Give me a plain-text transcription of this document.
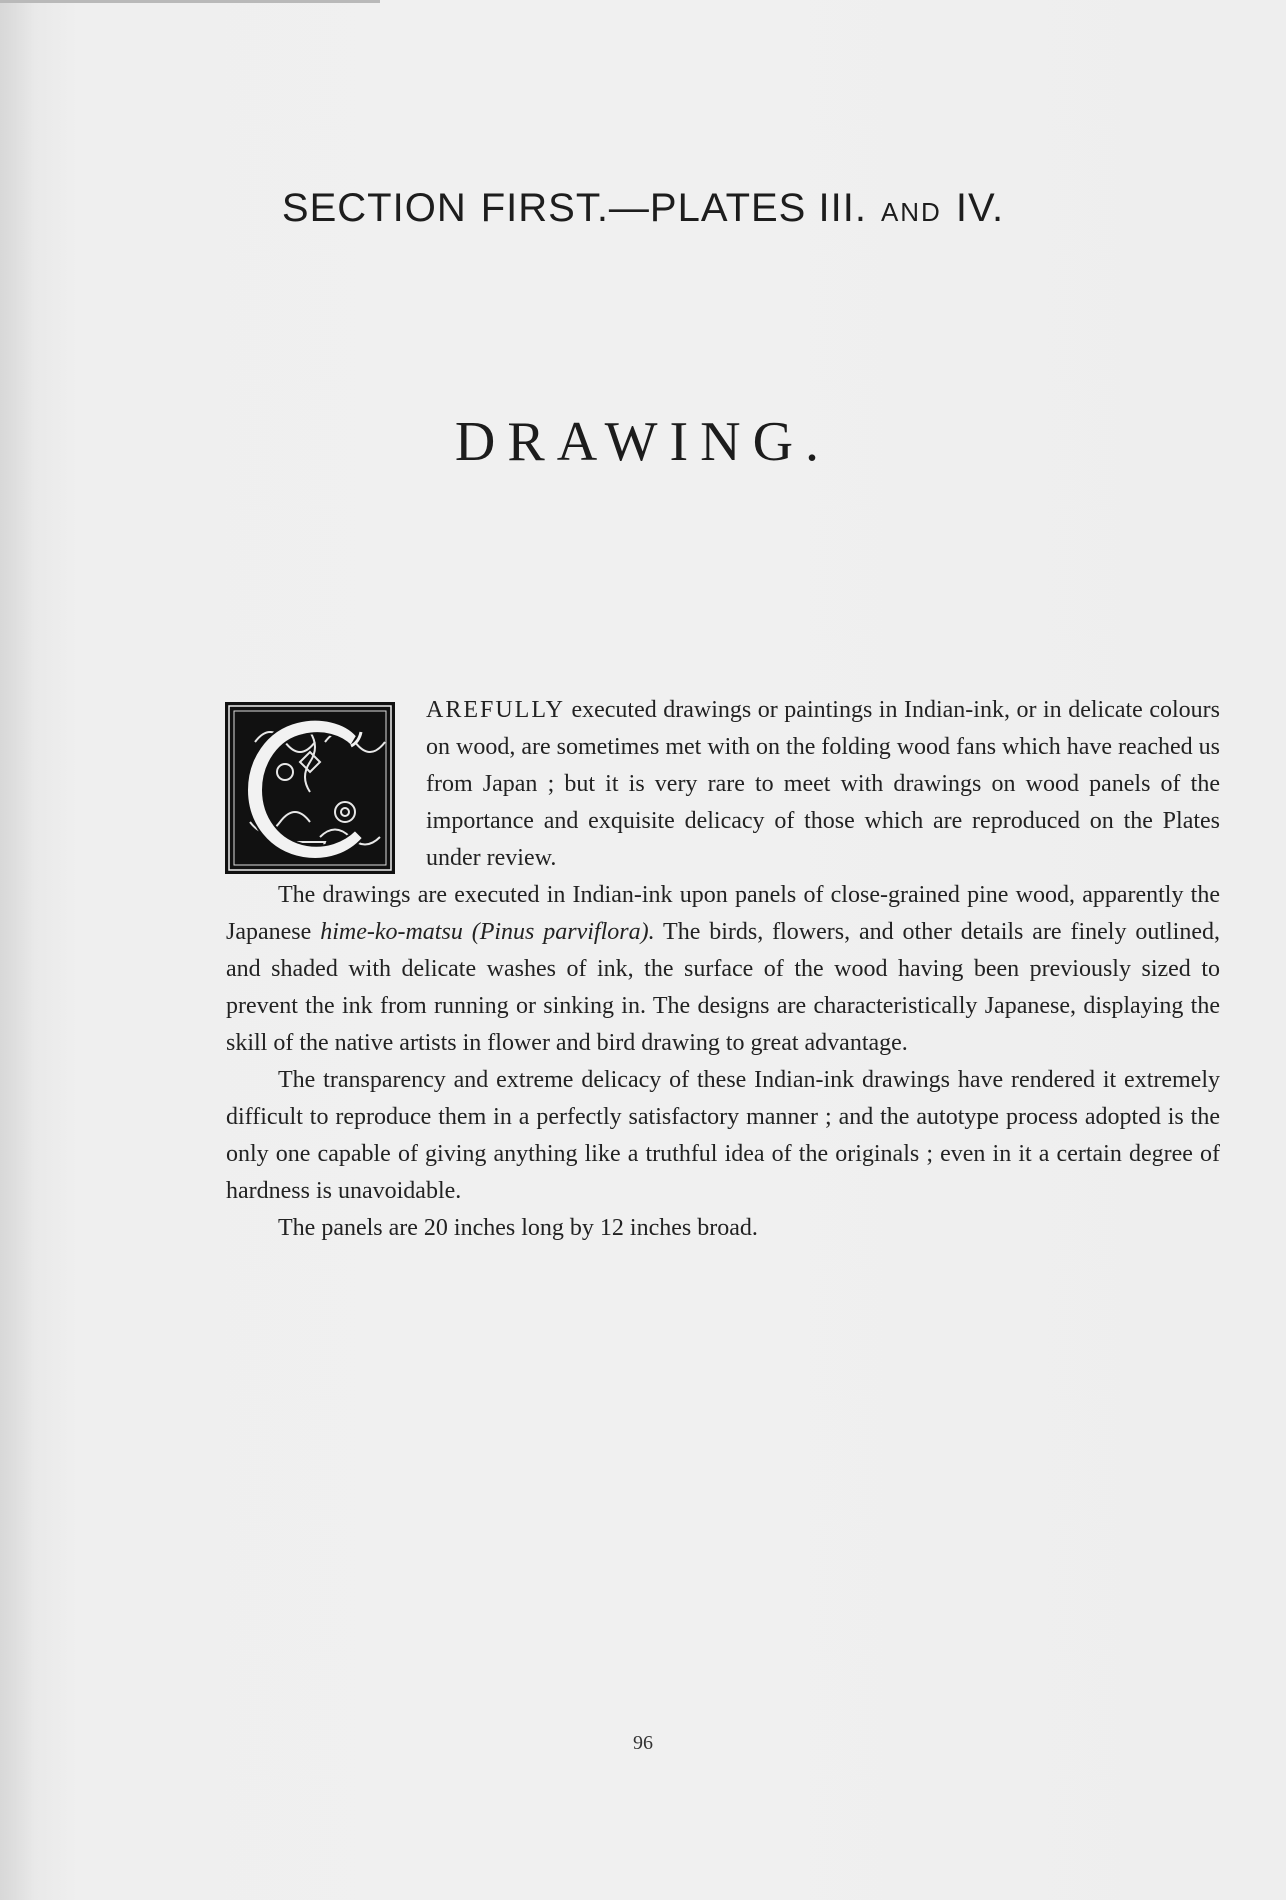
SECTION FIRST.—PLATES III. AND IV.
DRAWING.

AREFULLY executed drawings or paintings in Indian-ink, or in delicate colours on wood, are sometimes met with on the folding wood fans which have reached us from Japan ; but it is very rare to meet with drawings on wood panels of the importance and exquisite delicacy of those which are reproduced on the Plates under review.

The drawings are executed in Indian-ink upon panels of close-grained pine wood, apparently the Japanese hime-ko-matsu (Pinus parviflora). The birds, flowers, and other details are finely outlined, and shaded with delicate washes of ink, the surface of the wood having been previously sized to prevent the ink from running or sinking in. The designs are characteristically Japanese, displaying the skill of the native artists in flower and bird drawing to great advantage.

The transparency and extreme delicacy of these Indian-ink drawings have rendered it extremely difficult to reproduce them in a perfectly satisfactory manner ; and the autotype process adopted is the only one capable of giving anything like a truthful idea of the originals ; even in it a certain degree of hardness is unavoidable.

The panels are 20 inches long by 12 inches broad.

96
